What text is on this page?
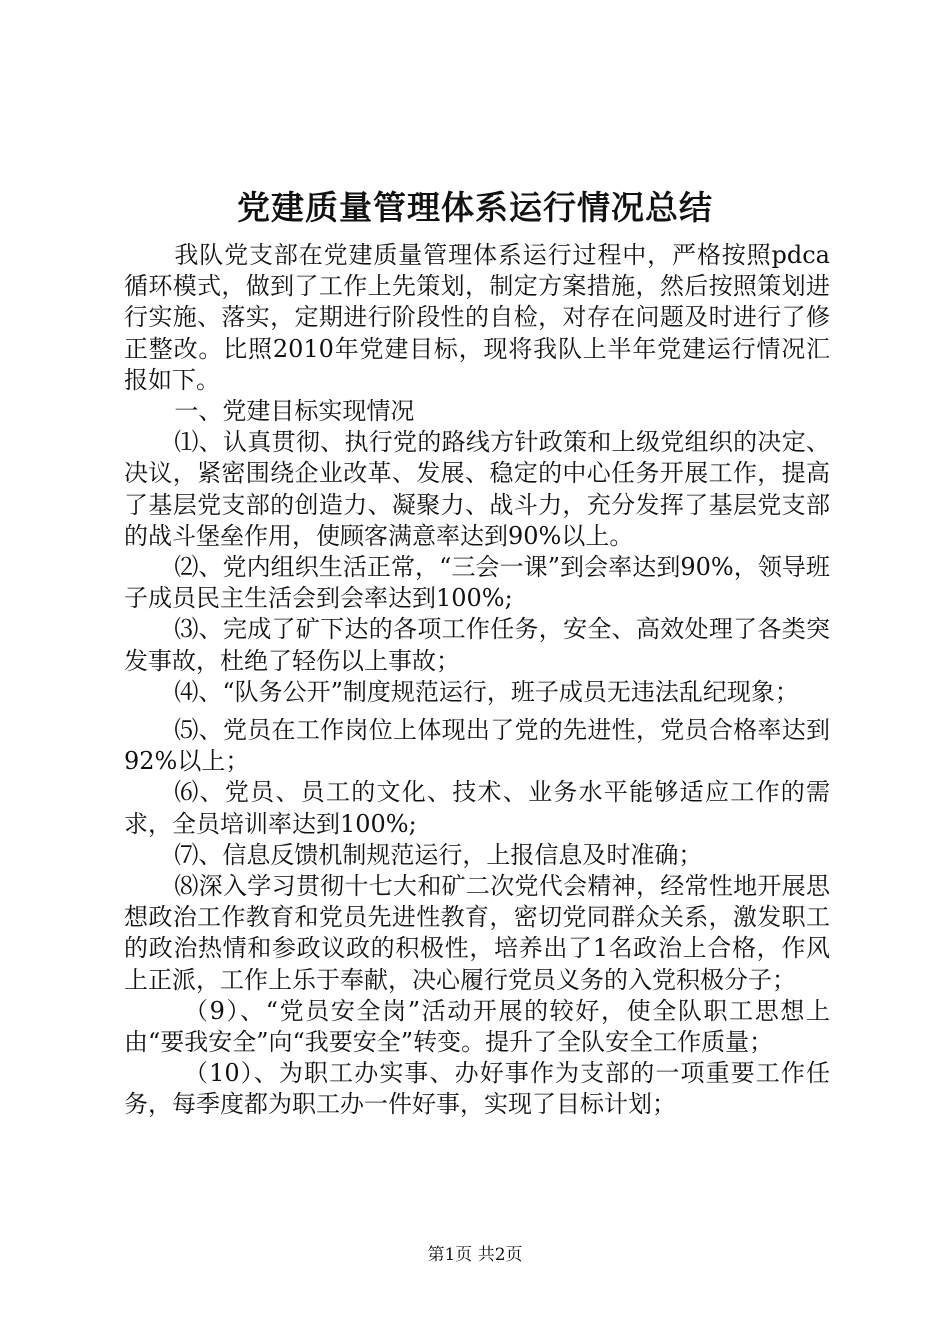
党建质量管理体系运行情况总结

我队党支部在党建质量管理体系运行过程中，严格按照pdca循环模式，做到了工作上先策划，制定方案措施，然后按照策划进行实施、落实，定期进行阶段性的自检，对存在问题及时进行了修正整改。比照2010年党建目标，现将我队上半年党建运行情况汇报如下。

一、党建目标实现情况

⑴、认真贯彻、执行党的路线方针政策和上级党组织的决定、决议，紧密围绕企业改革、发展、稳定的中心任务开展工作，提高了基层党支部的创造力、凝聚力、战斗力，充分发挥了基层党支部的战斗堡垒作用，使顾客满意率达到90%以上。

⑵、党内组织生活正常，“三会一课”到会率达到90%，领导班子成员民主生活会到会率达到100%;

⑶、完成了矿下达的各项工作任务，安全、高效处理了各类突发事故，杜绝了轻伤以上事故；

⑷、“队务公开”制度规范运行，班子成员无违法乱纪现象；

⑸、党员在工作岗位上体现出了党的先进性，党员合格率达到92%以上；

⑹、党员、员工的文化、技术、业务水平能够适应工作的需求，全员培训率达到100%;

⑺、信息反馈机制规范运行，上报信息及时准确；

⑻深入学习贯彻十七大和矿二次党代会精神，经常性地开展思想政治工作教育和党员先进性教育，密切党同群众关系，激发职工的政治热情和参政议政的积极性，培养出了1名政治上合格，作风上正派，工作上乐于奉献，决心履行党员义务的入党积极分子；

（9）、“党员安全岗”活动开展的较好，使全队职工思想上由“要我安全”向“我要安全”转变。提升了全队安全工作质量；

（10）、为职工办实事、办好事作为支部的一项重要工作任务，每季度都为职工办一件好事，实现了目标计划；

第1页 共2页
